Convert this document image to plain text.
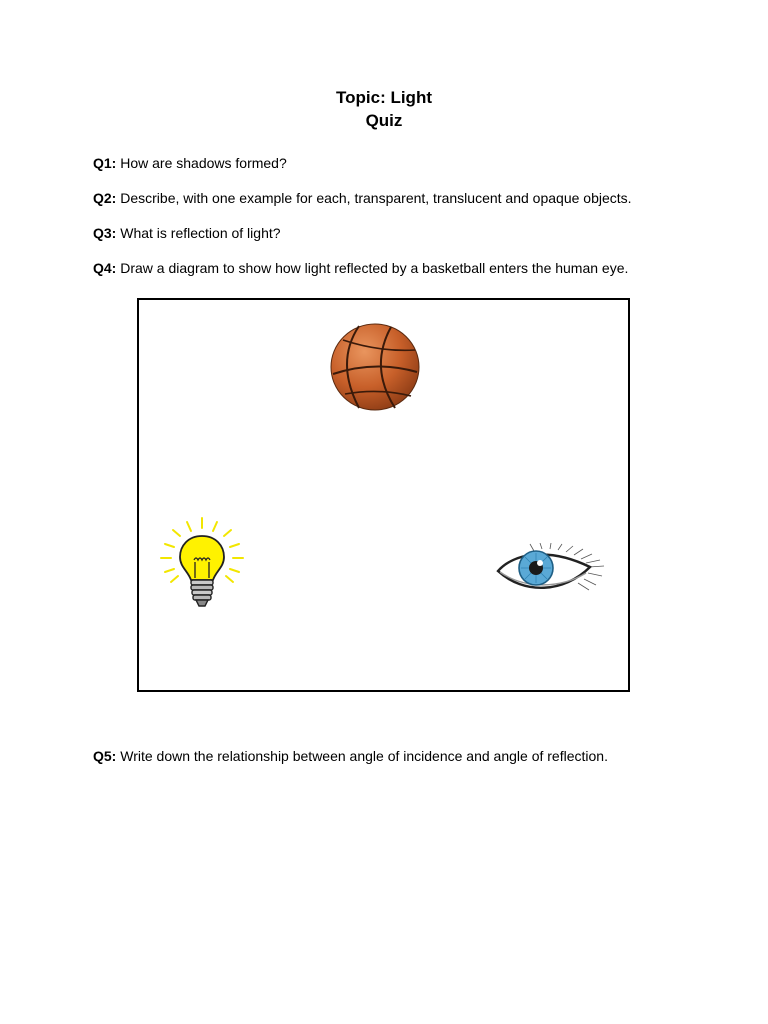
Topic: Light
Quiz
Q1: How are shadows formed?
Q2: Describe, with one example for each, transparent, translucent and opaque objects.
Q3: What is reflection of light?
Q4: Draw a diagram to show how light reflected by a basketball enters the human eye.
Q5: Write down the relationship between angle of incidence and angle of reflection.
